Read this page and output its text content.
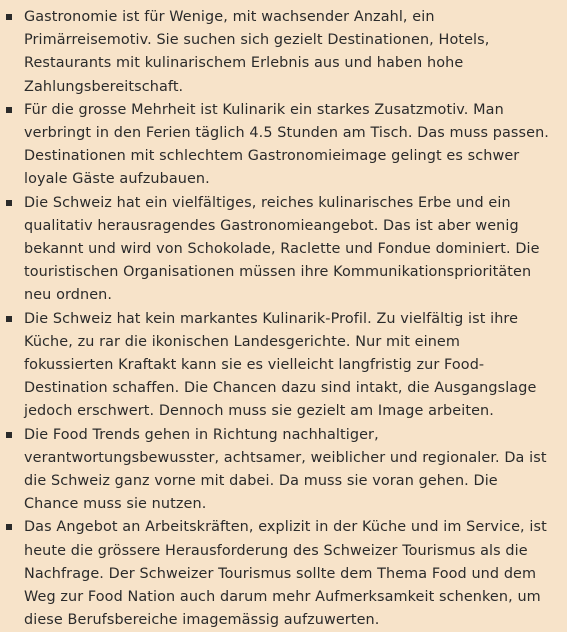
Gastronomie ist für Wenige, mit wachsender Anzahl, ein Primärreisemotiv. Sie suchen sich gezielt Destinationen, Hotels, Restaurants mit kulinarischem Erlebnis aus und haben hohe Zahlungsbereitschaft.
Für die grosse Mehrheit ist Kulinarik ein starkes Zusatzmotiv. Man verbringt in den Ferien täglich 4.5 Stunden am Tisch. Das muss passen. Destinationen mit schlechtem Gastronomieimage gelingt es schwer loyale Gäste aufzubauen.
Die Schweiz hat ein vielfältiges, reiches kulinarisches Erbe und ein qualitativ herausragendes Gastronomieangebot. Das ist aber wenig bekannt und wird von Schokolade, Raclette und Fondue dominiert. Die touristischen Organisationen müssen ihre Kommunikationsprioritäten neu ordnen.
Die Schweiz hat kein markantes Kulinarik-Profil. Zu vielfältig ist ihre Küche, zu rar die ikonischen Landesgerichte. Nur mit einem fokussierten Kraftakt kann sie es vielleicht langfristig zur Food-Destination schaffen. Die Chancen dazu sind intakt, die Ausgangslage jedoch erschwert. Dennoch muss sie gezielt am Image arbeiten.
Die Food Trends gehen in Richtung nachhaltiger, verantwortungsbewusster, achtsamer, weiblicher und regionaler. Da ist die Schweiz ganz vorne mit dabei. Da muss sie voran gehen. Die Chance muss sie nutzen.
Das Angebot an Arbeitskräften, explizit in der Küche und im Service, ist heute die grössere Herausforderung des Schweizer Tourismus als die Nachfrage. Der Schweizer Tourismus sollte dem Thema Food und dem Weg zur Food Nation auch darum mehr Aufmerksamkeit schenken, um diese Berufsbereiche imagemässig aufzuwerten.
